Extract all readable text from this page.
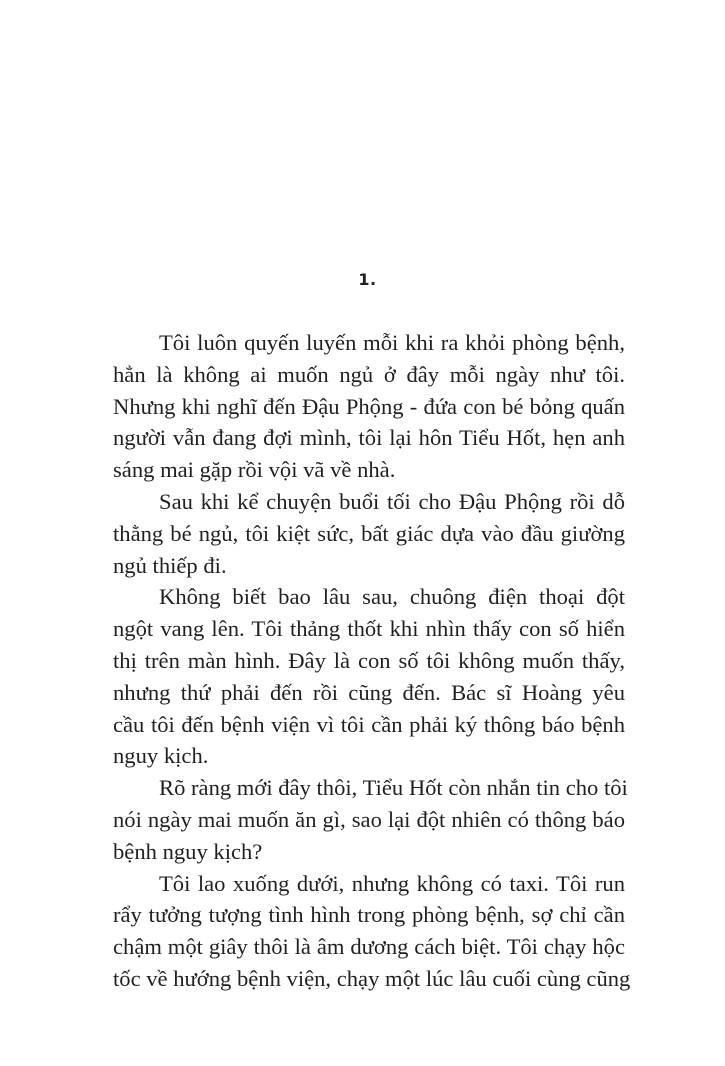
1.
Tôi luôn quyến luyến mỗi khi ra khỏi phòng bệnh,
hẳn là không ai muốn ngủ ở đây mỗi ngày như tôi.
Nhưng khi nghĩ đến Đậu Phộng - đứa con bé bỏng quấn
người vẫn đang đợi mình, tôi lại hôn Tiểu Hốt, hẹn anh
sáng mai gặp rồi vội vã về nhà.
Sau khi kể chuyện buổi tối cho Đậu Phộng rồi dỗ
thằng bé ngủ, tôi kiệt sức, bất giác dựa vào đầu giường
ngủ thiếp đi.
Không biết bao lâu sau, chuông điện thoại đột
ngột vang lên. Tôi thảng thốt khi nhìn thấy con số hiển
thị trên màn hình. Đây là con số tôi không muốn thấy,
nhưng thứ phải đến rồi cũng đến. Bác sĩ Hoàng yêu
cầu tôi đến bệnh viện vì tôi cần phải ký thông báo bệnh
nguy kịch.
Rõ ràng mới đây thôi, Tiểu Hốt còn nhắn tin cho tôi
nói ngày mai muốn ăn gì, sao lại đột nhiên có thông báo
bệnh nguy kịch?
Tôi lao xuống dưới, nhưng không có taxi. Tôi run
rẩy tưởng tượng tình hình trong phòng bệnh, sợ chỉ cần
chậm một giây thôi là âm dương cách biệt. Tôi chạy hộc
tốc về hướng bệnh viện, chạy một lúc lâu cuối cùng cũng
